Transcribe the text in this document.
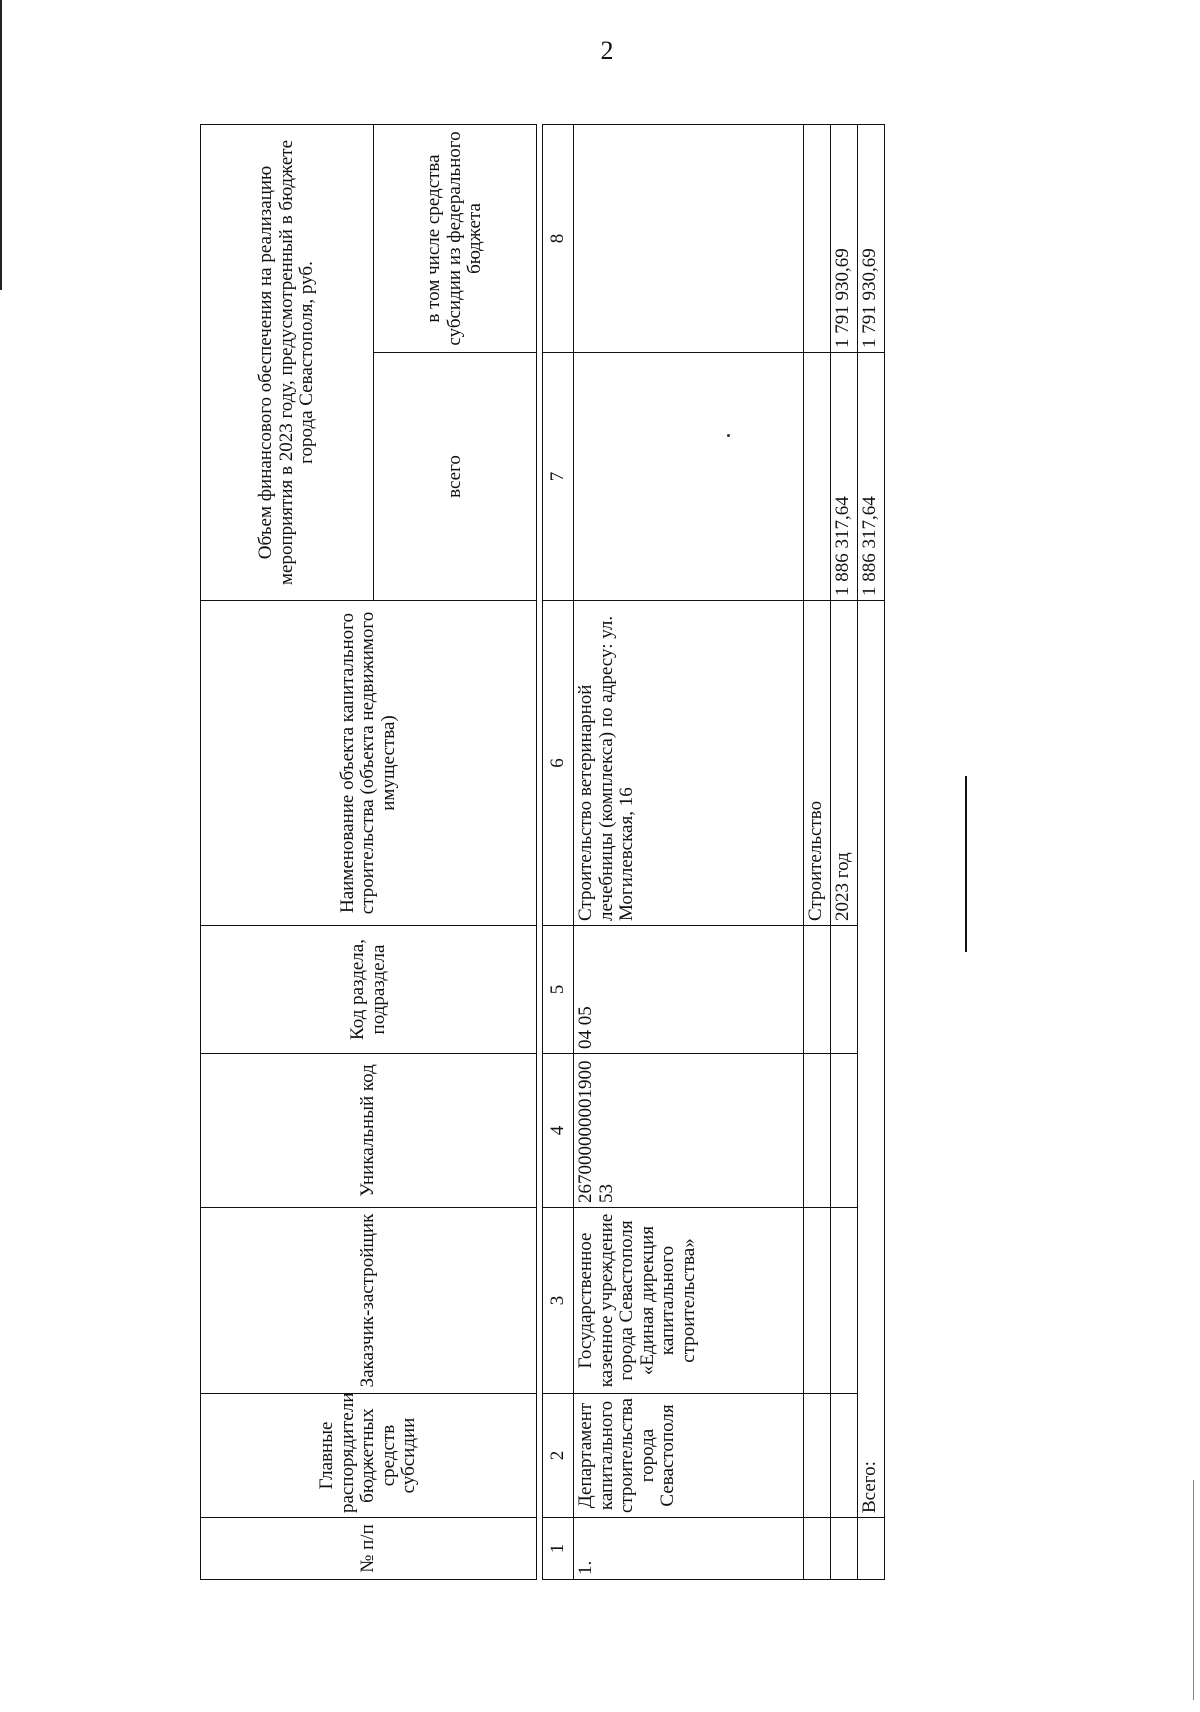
2
№ п/п	Главные распорядители бюджетных средств субсидии	Заказчик-застройщик	Уникальный код	Код раздела, подраздела	Наименование объекта капитального строительства (объекта недвижимого имущества)	Объем финансового обеспечения на реализацию мероприятия в 2023 году, предусмотренный в бюджете города Севастополя, руб.	
						всего	в том числе средства субсидии из федерального бюджета

1	2	3	4	5	6	7	8
1.	Департамент капитального строительства города Севастополя	Государственное казенное учреждение города Севастополя «Единая дирекция капитального строительства»	26700000000190053	04 05	Строительство ветеринарной лечебницы (комплекса) по адресу: ул. Могилевская, 16		
					Строительство		
					2023 год	1 886 317,64	1 791 930,69
	Всего:					1 886 317,64	1 791 930,69
